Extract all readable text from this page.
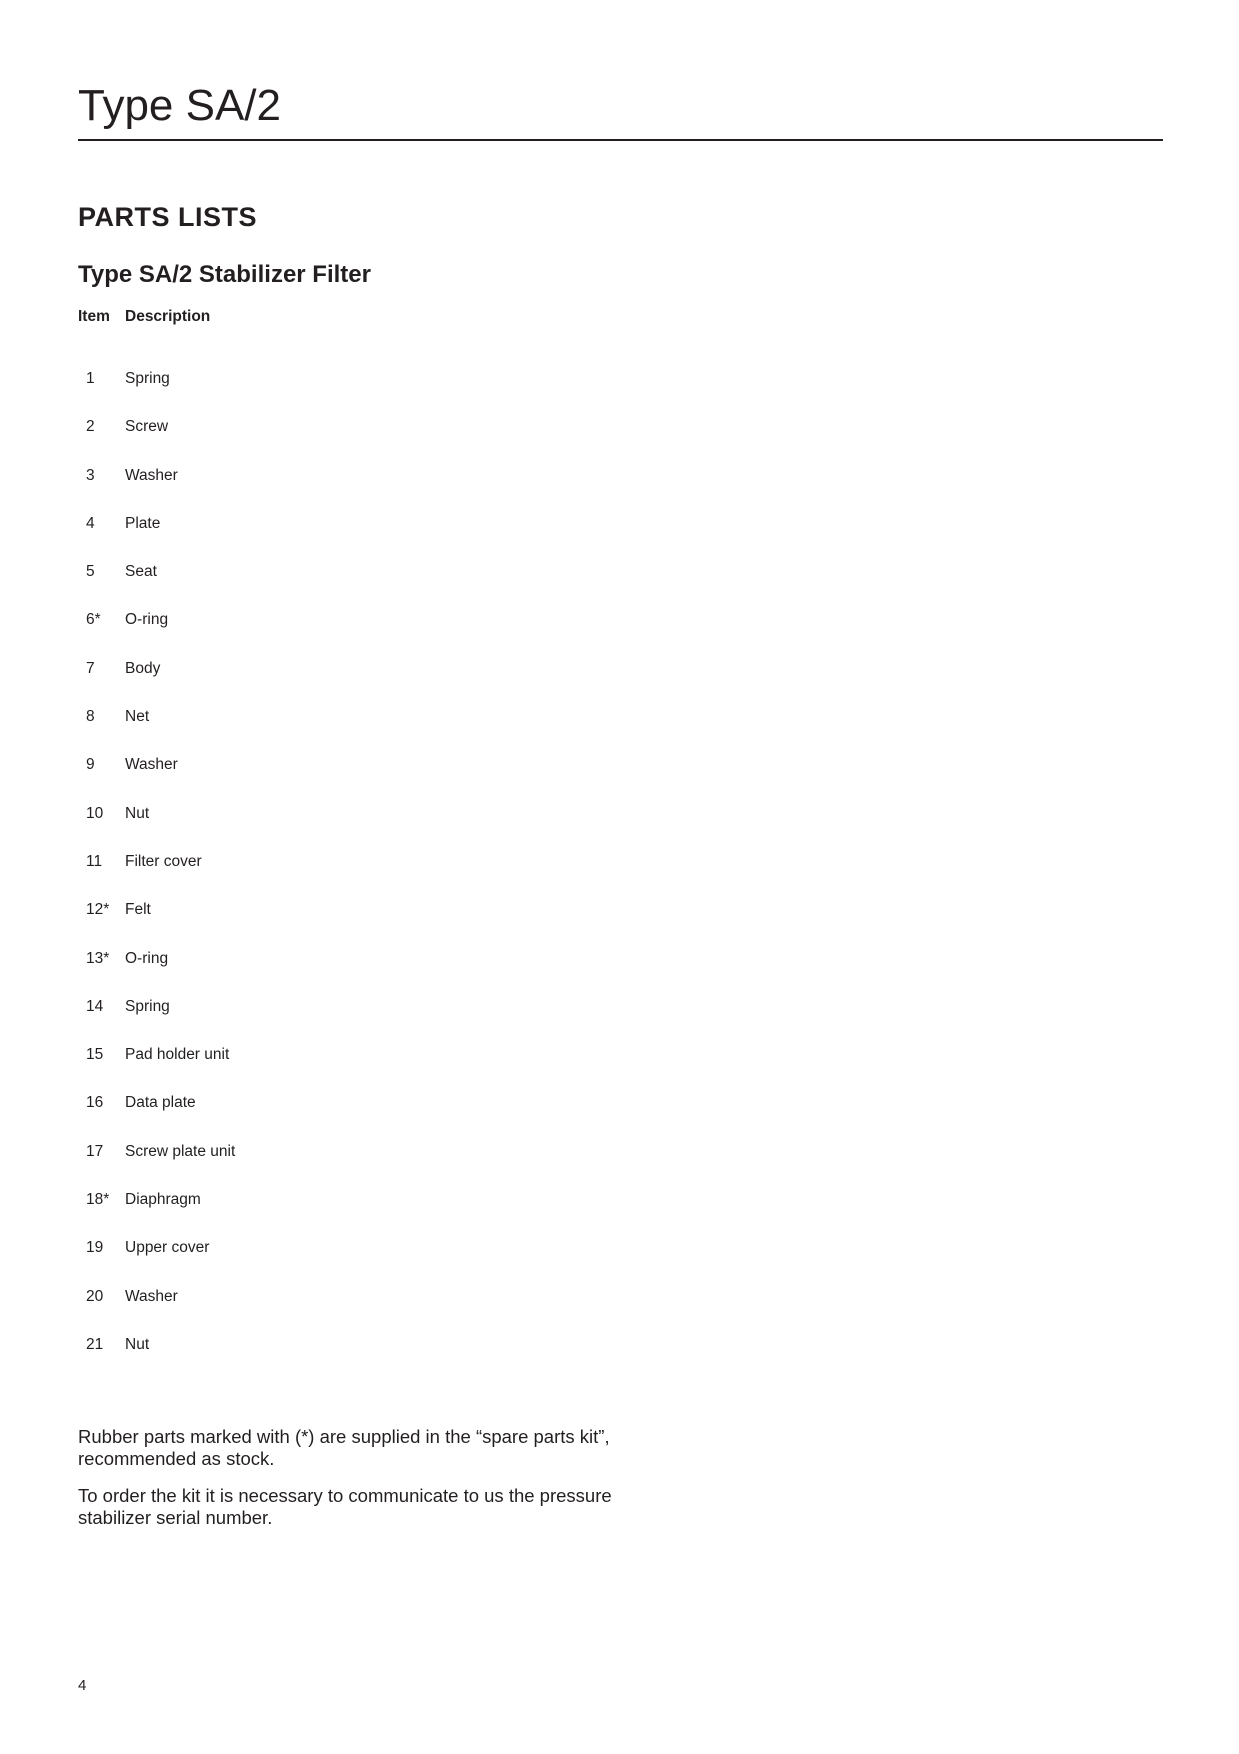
Type SA/2
PARTS LISTS
Type SA/2 Stabilizer Filter
Item Description
1	Spring
2	Screw
3	Washer
4	Plate
5	Seat
6*	O-ring
7	Body
8	Net
9	Washer
10	Nut
11	Filter cover
12*	Felt
13*	O-ring
14	Spring
15	Pad holder unit
16	Data plate
17	Screw plate unit
18*	Diaphragm
19	Upper cover
20	Washer
21	Nut

Rubber parts marked with (*) are supplied in the “spare parts kit”, recommended as stock.

To order the kit it is necessary to communicate to us the pressure stabilizer serial number.

4
